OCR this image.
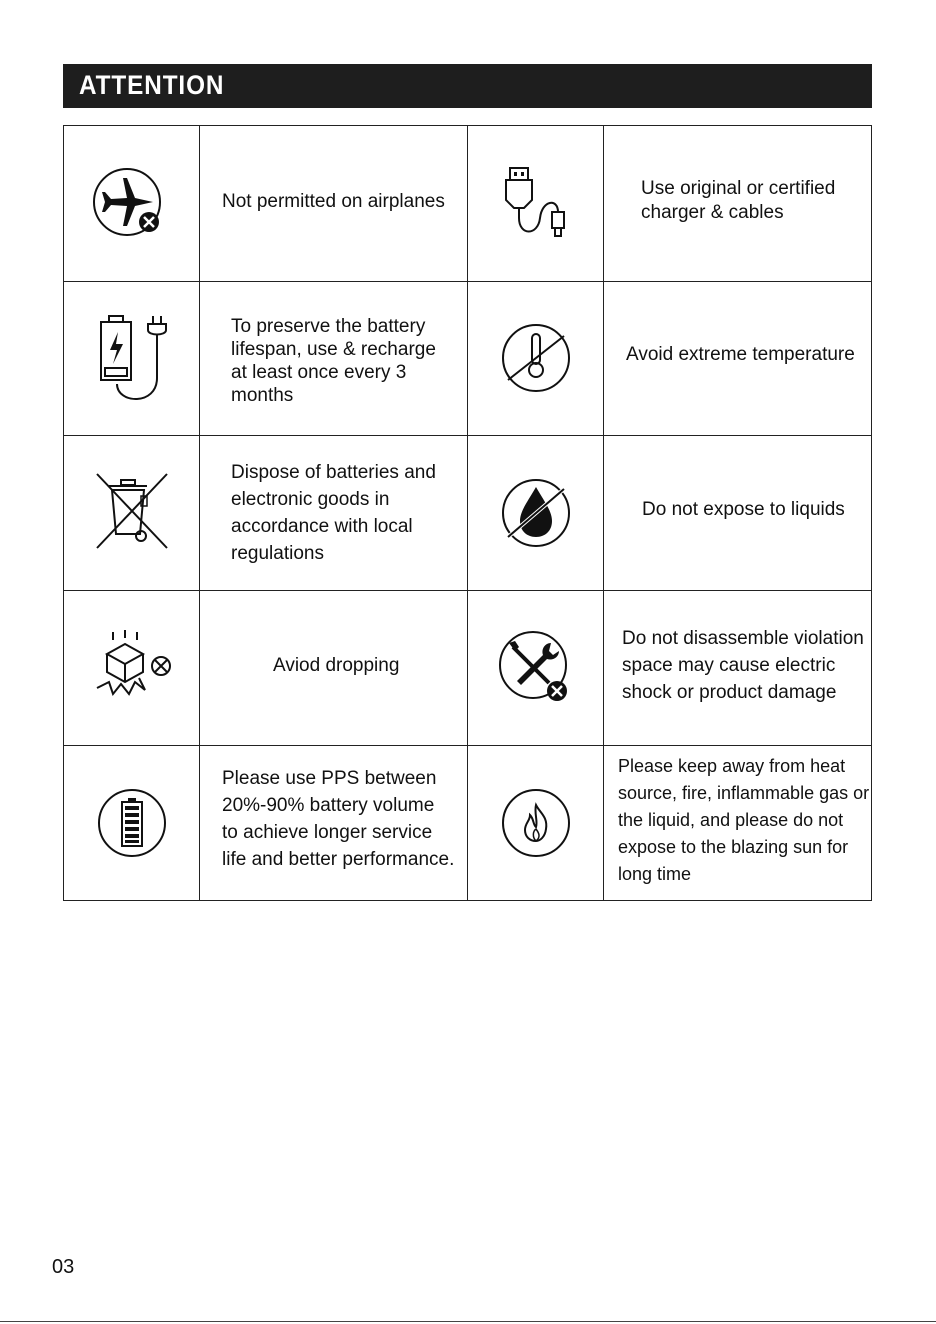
ATTENTION
Not permitted on airplanes
Use original or certified
charger & cables
To preserve the battery
lifespan, use & recharge
at least once every 3
months
Avoid extreme temperature
Dispose of batteries and
electronic goods in
accordance with local
regulations
Do not expose to liquids
Aviod dropping
Do not disassemble violation
space may cause electric
shock or product damage
Please use PPS between
20%-90% battery volume
to achieve longer service
life and better performance.
Please keep away from heat
source, fire, inflammable gas or
the liquid, and please do not
expose to the blazing sun for
long time
03
